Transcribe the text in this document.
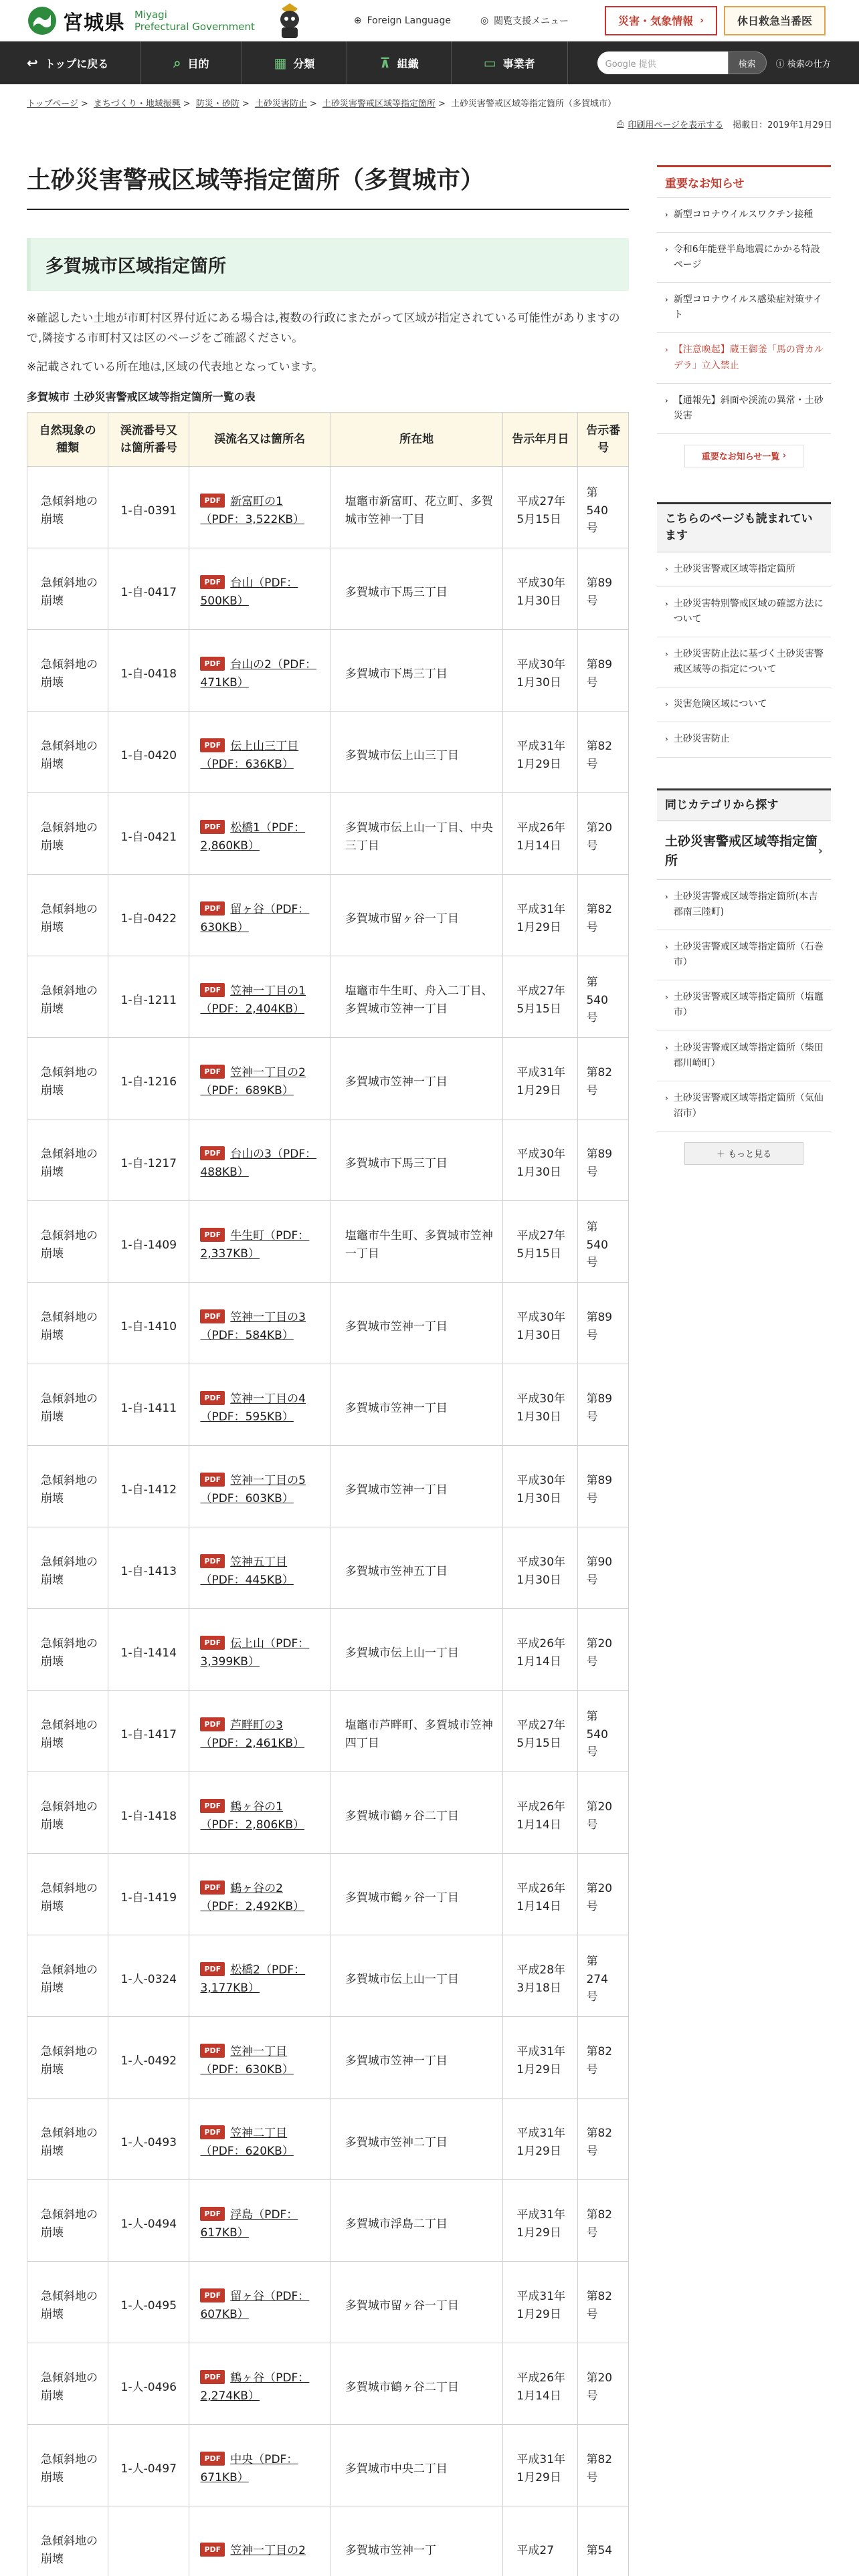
宮城県 Miyagi
Prefectural Government	⊕ Foreign Language	◎ 閲覧支援メニュー	災害・気象情報 ›	休日救急当番医
↩ トップに戻る	⌕ 目的	▦ 分類	⊼ 組織	▭ 事業者	Google 提供	検索	ⓘ 検索の仕方
トップページ > まちづくり・地域振興 > 防災・砂防 > 土砂災害防止 > 土砂災害警戒区域等指定箇所 > 土砂災害警戒区域等指定箇所（多賀城市）
⎙ 印刷用ページを表示する 掲載日：2019年1月29日
土砂災害警戒区域等指定箇所（多賀城市）
多賀城市区域指定箇所

※確認したい土地が市町村区界付近にある場合は,複数の行政にまたがって区域が指定されている可能性がありますので,隣接する市町村又は区のページをご確認ください。

※記載されている所在地は,区域の代表地となっています。

多賀城市 土砂災害警戒区域等指定箇所一覧の表
自然現象の種類	渓流番号又は箇所番号	渓流名又は箇所名	所在地	告示年月日	告示番号
急傾斜地の崩壊	1-自-0391	PDF 新富町の1（PDF：3,522KB）	塩竈市新富町、花立町、多賀城市笠神一丁目	平成27年5月15日	第540号
急傾斜地の崩壊	1-自-0417	PDF 台山（PDF：500KB）	多賀城市下馬三丁目	平成30年1月30日	第89号
急傾斜地の崩壊	1-自-0418	PDF 台山の2（PDF：471KB）	多賀城市下馬三丁目	平成30年1月30日	第89号
急傾斜地の崩壊	1-自-0420	PDF 伝上山三丁目（PDF：636KB）	多賀城市伝上山三丁目	平成31年1月29日	第82号
急傾斜地の崩壊	1-自-0421	PDF 松橋1（PDF：2,860KB）	多賀城市伝上山一丁目、中央三丁目	平成26年1月14日	第20号
急傾斜地の崩壊	1-自-0422	PDF 留ヶ谷（PDF：630KB）	多賀城市留ヶ谷一丁目	平成31年1月29日	第82号
急傾斜地の崩壊	1-自-1211	PDF 笠神一丁目の1（PDF：2,404KB）	塩竈市牛生町、舟入二丁目、多賀城市笠神一丁目	平成27年5月15日	第540号
急傾斜地の崩壊	1-自-1216	PDF 笠神一丁目の2（PDF：689KB）	多賀城市笠神一丁目	平成31年1月29日	第82号
急傾斜地の崩壊	1-自-1217	PDF 台山の3（PDF：488KB）	多賀城市下馬三丁目	平成30年1月30日	第89号
急傾斜地の崩壊	1-自-1409	PDF 牛生町（PDF：2,337KB）	塩竈市牛生町、多賀城市笠神一丁目	平成27年5月15日	第540号
急傾斜地の崩壊	1-自-1410	PDF 笠神一丁目の3（PDF：584KB）	多賀城市笠神一丁目	平成30年1月30日	第89号
急傾斜地の崩壊	1-自-1411	PDF 笠神一丁目の4（PDF：595KB）	多賀城市笠神一丁目	平成30年1月30日	第89号
急傾斜地の崩壊	1-自-1412	PDF 笠神一丁目の5（PDF：603KB）	多賀城市笠神一丁目	平成30年1月30日	第89号
急傾斜地の崩壊	1-自-1413	PDF 笠神五丁目（PDF：445KB）	多賀城市笠神五丁目	平成30年1月30日	第90号
急傾斜地の崩壊	1-自-1414	PDF 伝上山（PDF：3,399KB）	多賀城市伝上山一丁目	平成26年1月14日	第20号
急傾斜地の崩壊	1-自-1417	PDF 芦畔町の3（PDF：2,461KB）	塩竈市芦畔町、多賀城市笠神四丁目	平成27年5月15日	第540号
急傾斜地の崩壊	1-自-1418	PDF 鶴ヶ谷の1（PDF：2,806KB）	多賀城市鶴ヶ谷二丁目	平成26年1月14日	第20号
急傾斜地の崩壊	1-自-1419	PDF 鶴ヶ谷の2（PDF：2,492KB）	多賀城市鶴ヶ谷一丁目	平成26年1月14日	第20号
急傾斜地の崩壊	1-人-0324	PDF 松橋2（PDF：3,177KB）	多賀城市伝上山一丁目	平成28年3月18日	第274号
急傾斜地の崩壊	1-人-0492	PDF 笠神一丁目（PDF：630KB）	多賀城市笠神一丁目	平成31年1月29日	第82号
急傾斜地の崩壊	1-人-0493	PDF 笠神二丁目（PDF：620KB）	多賀城市笠神二丁目	平成31年1月29日	第82号
急傾斜地の崩壊	1-人-0494	PDF 浮島（PDF：617KB）	多賀城市浮島二丁目	平成31年1月29日	第82号
急傾斜地の崩壊	1-人-0495	PDF 留ヶ谷（PDF：607KB）	多賀城市留ヶ谷一丁目	平成31年1月29日	第82号
急傾斜地の崩壊	1-人-0496	PDF 鶴ヶ谷（PDF：2,274KB）	多賀城市鶴ヶ谷二丁目	平成26年1月14日	第20号
急傾斜地の崩壊	1-人-0497	PDF 中央（PDF：671KB）	多賀城市中央二丁目	平成31年1月29日	第82号
急傾斜地の崩壊		PDF 笠神一丁目の2	多賀城市笠神一丁	平成27	第54
重要なお知らせ
› 新型コロナウイルスワクチン接種
› 令和6年能登半島地震にかかる特設ページ
› 新型コロナウイルス感染症対策サイト
› 【注意喚起】蔵王御釜「馬の背カルデラ」立入禁止
› 【通報先】斜面や渓流の異常・土砂災害
重要なお知らせ一覧
›
こちらのページも読まれています
› 土砂災害警戒区域等指定箇所
› 土砂災害特別警戒区域の確認方法について
› 土砂災害防止法に基づく土砂災害警戒区域等の指定について
› 災害危険区域について
› 土砂災害防止
同じカテゴリから探す
土砂災害警戒区域等指定箇所
›
› 土砂災害警戒区域等指定箇所(本吉郡南三陸町)
› 土砂災害警戒区域等指定箇所（石巻市）
› 土砂災害警戒区域等指定箇所（塩竈市）
› 土砂災害警戒区域等指定箇所（柴田郡川崎町）
› 土砂災害警戒区域等指定箇所（気仙沼市）
＋
もっと見る
